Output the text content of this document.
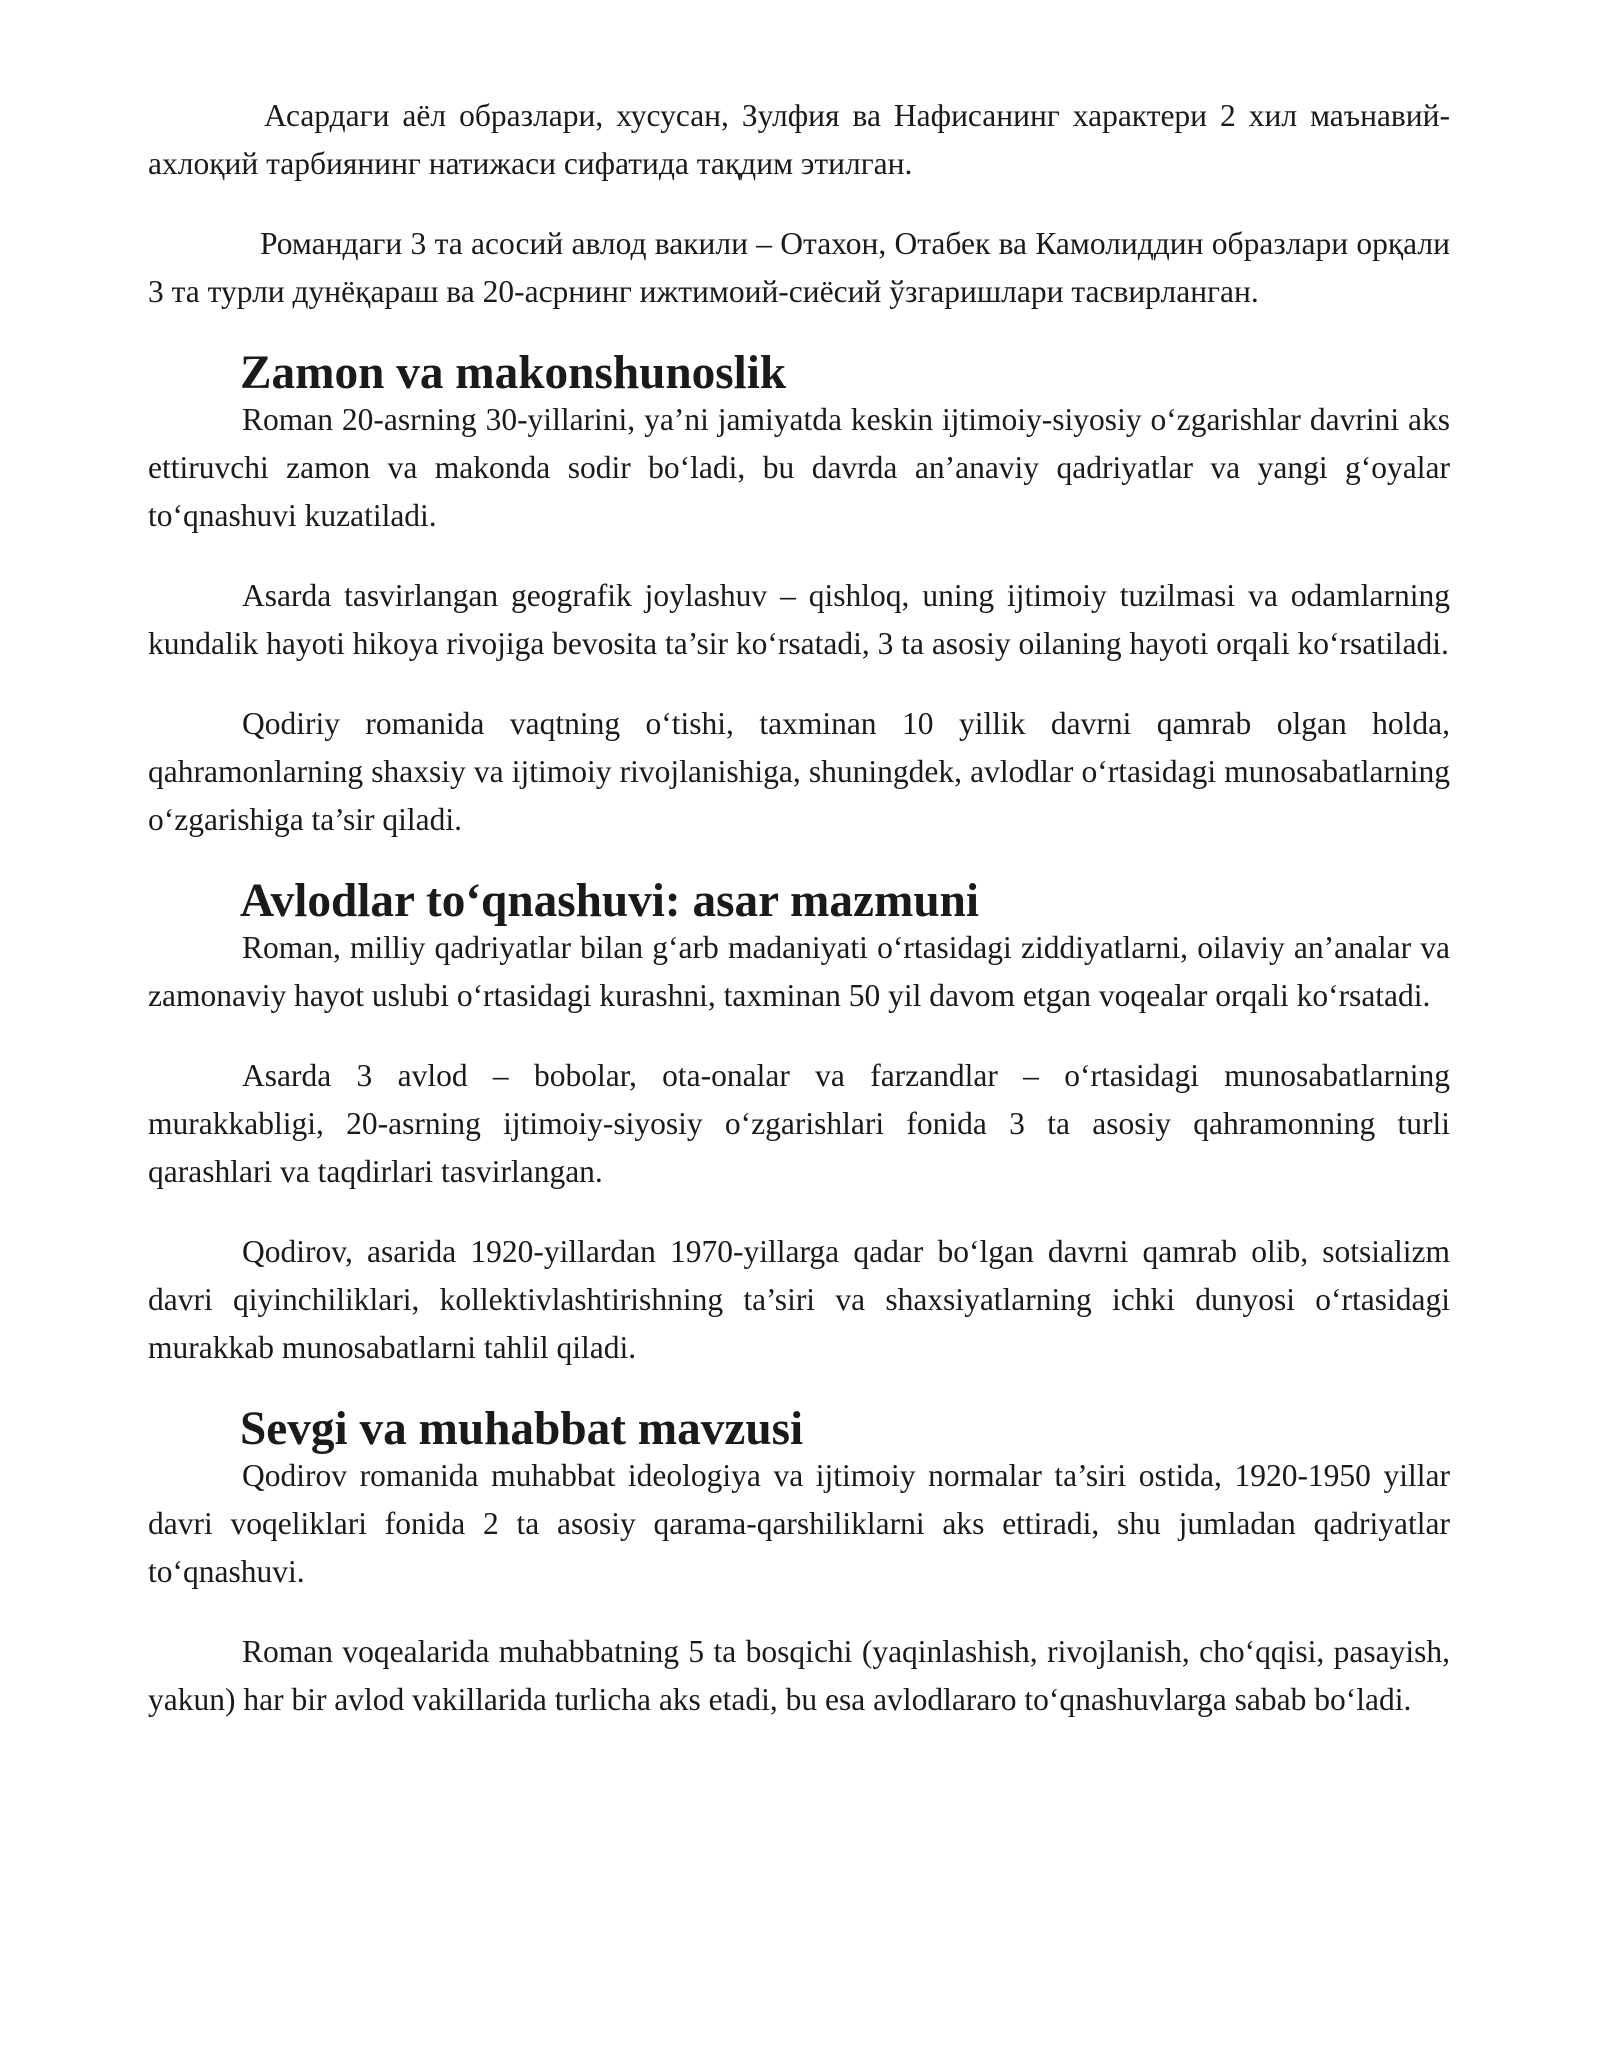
Асардаги аёл образлари, хусусан, Зулфия ва Нафисанинг характери 2 хил маънавий-ахлоқий тарбиянинг натижаси сифатида тақдим этилган.

Романдаги 3 та асосий авлод вакили – Отахон, Отабек ва Камолиддин образлари орқали 3 та турли дунёқараш ва 20-асрнинг ижтимоий-сиёсий ўзгаришлари тасвирланган.

Zamon va makonshunoslik

Roman 20-asrning 30-yillarini, ya’ni jamiyatda keskin ijtimoiy-siyosiy o‘zgarishlar davrini aks ettiruvchi zamon va makonda sodir bo‘ladi, bu davrda an’anaviy qadriyatlar va yangi g‘oyalar to‘qnashuvi kuzatiladi.

Asarda tasvirlangan geografik joylashuv – qishloq, uning ijtimoiy tuzilmasi va odamlarning kundalik hayoti hikoya rivojiga bevosita ta’sir ko‘rsatadi, 3 ta asosiy oilaning hayoti orqali ko‘rsatiladi.

Qodiriy romanida vaqtning o‘tishi, taxminan 10 yillik davrni qamrab olgan holda, qahramonlarning shaxsiy va ijtimoiy rivojlanishiga, shuningdek, avlodlar o‘rtasidagi munosabatlarning o‘zgarishiga ta’sir qiladi.

Avlodlar to‘qnashuvi: asar mazmuni

Roman, milliy qadriyatlar bilan g‘arb madaniyati o‘rtasidagi ziddiyatlarni, oilaviy an’analar va zamonaviy hayot uslubi o‘rtasidagi kurashni, taxminan 50 yil davom etgan voqealar orqali ko‘rsatadi.

Asarda 3 avlod – bobolar, ota-onalar va farzandlar – o‘rtasidagi munosabatlarning murakkabligi, 20-asrning ijtimoiy-siyosiy o‘zgarishlari fonida 3 ta asosiy qahramonning turli qarashlari va taqdirlari tasvirlangan.

Qodirov, asarida 1920-yillardan 1970-yillarga qadar bo‘lgan davrni qamrab olib, sotsializm davri qiyinchiliklari, kollektivlashtirishning ta’siri va shaxsiyatlarning ichki dunyosi o‘rtasidagi murakkab munosabatlarni tahlil qiladi.

Sevgi va muhabbat mavzusi

Qodirov romanida muhabbat ideologiya va ijtimoiy normalar ta’siri ostida, 1920-1950 yillar davri voqeliklari fonida 2 ta asosiy qarama-qarshiliklarni aks ettiradi, shu jumladan qadriyatlar to‘qnashuvi.

Roman voqealarida muhabbatning 5 ta bosqichi (yaqinlashish, rivojlanish, cho‘qqisi, pasayish, yakun) har bir avlod vakillarida turlicha aks etadi, bu esa avlodlararo to‘qnashuvlarga sabab bo‘ladi.
